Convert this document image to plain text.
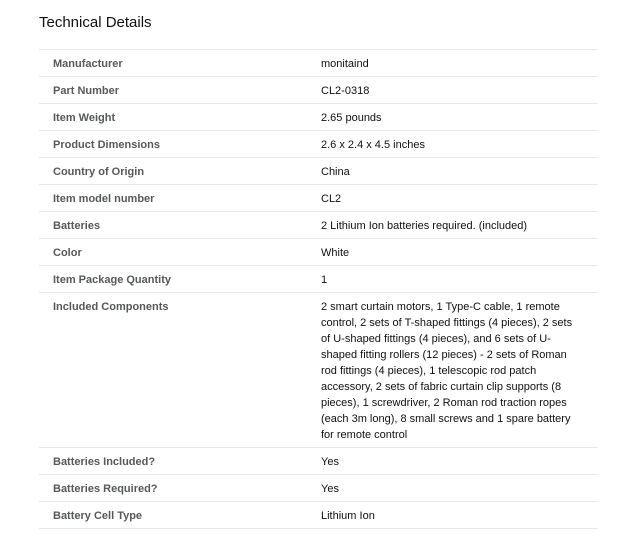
Technical Details
Manufacturer	monitaind
Part Number	CL2-0318
Item Weight	2.65 pounds
Product Dimensions	2.6 x 2.4 x 4.5 inches
Country of Origin	China
Item model number	CL2
Batteries	2 Lithium Ion batteries required. (included)
Color	White
Item Package Quantity	1
Included Components	2 smart curtain motors, 1 Type-C cable, 1 remote control, 2 sets of T-shaped fittings (4 pieces), 2 sets of U-shaped fittings (4 pieces), and 6 sets of U-shaped fitting rollers (12 pieces) - 2 sets of Roman rod fittings (4 pieces), 1 telescopic rod patch accessory, 2 sets of fabric curtain clip supports (8 pieces), 1 screwdriver, 2 Roman rod traction ropes (each 3m long), 8 small screws and 1 spare battery for remote control
Batteries Included?	Yes
Batteries Required?	Yes
Battery Cell Type	Lithium Ion
